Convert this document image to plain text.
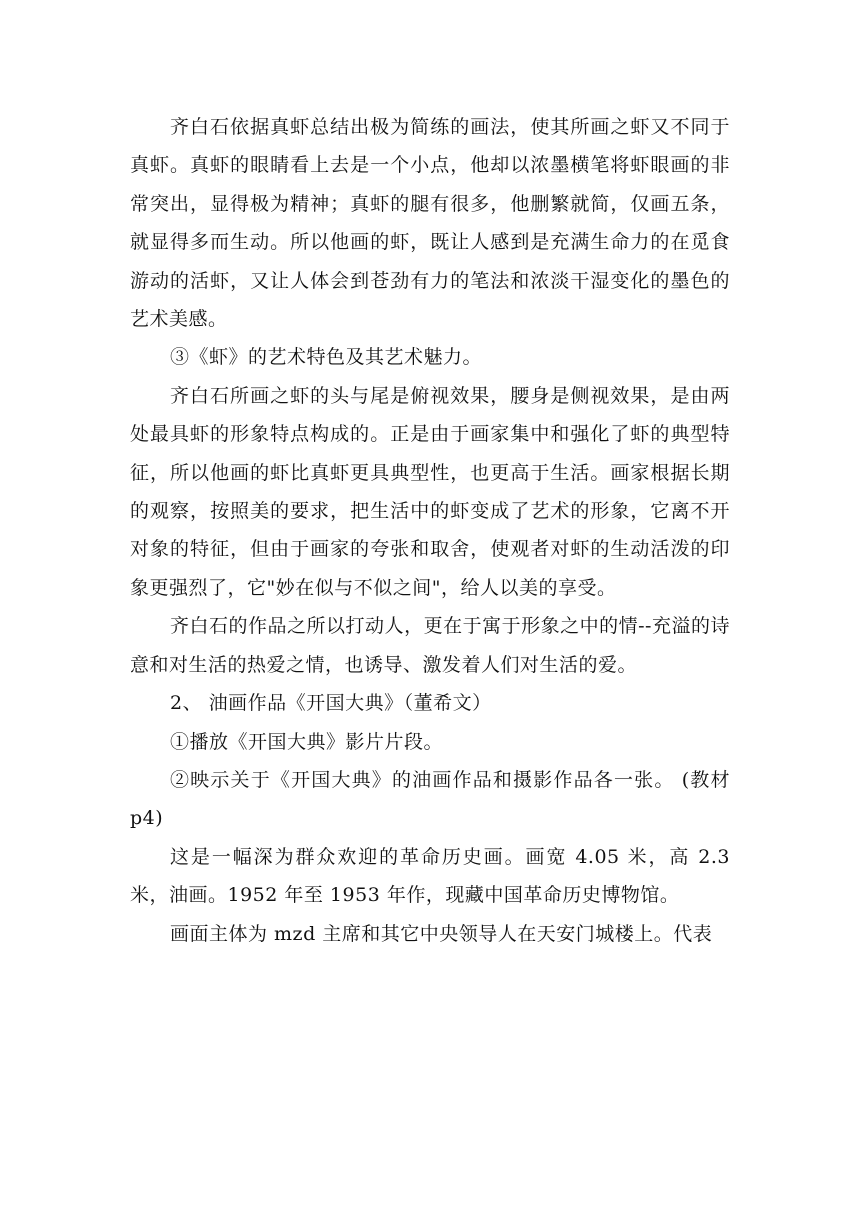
齐白石依据真虾总结出极为简练的画法，使其所画之虾又不同于真虾。真虾的眼睛看上去是一个小点，他却以浓墨横笔将虾眼画的非常突出，显得极为精神；真虾的腿有很多，他删繁就简，仅画五条，就显得多而生动。所以他画的虾，既让人感到是充满生命力的在觅食游动的活虾，又让人体会到苍劲有力的笔法和浓淡干湿变化的墨色的艺术美感。

③《虾》的艺术特色及其艺术魅力。

齐白石所画之虾的头与尾是俯视效果，腰身是侧视效果，是由两处最具虾的形象特点构成的。正是由于画家集中和强化了虾的典型特征，所以他画的虾比真虾更具典型性，也更高于生活。画家根据长期的观察，按照美的要求，把生活中的虾变成了艺术的形象，它离不开对象的特征，但由于画家的夸张和取舍，使观者对虾的生动活泼的印象更强烈了，它"妙在似与不似之间"，给人以美的享受。

齐白石的作品之所以打动人，更在于寓于形象之中的情--充溢的诗意和对生活的热爱之情，也诱导、激发着人们对生活的爱。

2、 油画作品《开国大典》（董希文）

①播放《开国大典》影片片段。

②映示关于《开国大典》的油画作品和摄影作品各一张。 (教材p4)

这是一幅深为群众欢迎的革命历史画。画宽 4.05 米，高 2.3 米，油画。1952 年至 1953 年作，现藏中国革命历史博物馆。

画面主体为 mzd 主席和其它中央领导人在天安门城楼上。代表
